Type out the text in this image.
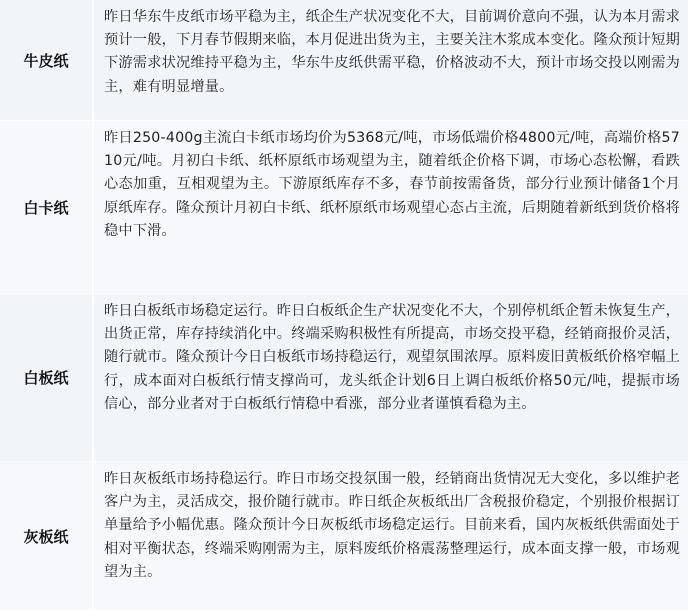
牛皮纸
昨日华东牛皮纸市场平稳为主，纸企生产状况变化不大，目前调价意向不强，认为本月需求预计一般，下月春节假期来临，本月促进出货为主，主要关注木浆成本变化。隆众预计短期下游需求状况维持平稳为主，华东牛皮纸供需平稳，价格波动不大，预计市场交投以刚需为主，难有明显增量。
白卡纸
昨日250-400g主流白卡纸市场均价为5368元/吨，市场低端价格4800元/吨，高端价格5710元/吨。月初白卡纸、纸杯原纸市场观望为主，随着纸企价格下调，市场心态松懈，看跌心态加重，互相观望为主。下游原纸库存不多，春节前按需备货，部分行业预计储备1个月原纸库存。隆众预计月初白卡纸、纸杯原纸市场观望心态占主流，后期随着新纸到货价格将稳中下滑。
白板纸
昨日白板纸市场稳定运行。昨日白板纸企生产状况变化不大，个别停机纸企暂未恢复生产，出货正常，库存持续消化中。终端采购积极性有所提高，市场交投平稳，经销商报价灵活，随行就市。隆众预计今日白板纸市场持稳运行，观望氛围浓厚。原料废旧黄板纸价格窄幅上行，成本面对白板纸行情支撑尚可，龙头纸企计划6日上调白板纸价格50元/吨，提振市场信心，部分业者对于白板纸行情稳中看涨，部分业者谨慎看稳为主。
灰板纸
昨日灰板纸市场持稳运行。昨日市场交投氛围一般，经销商出货情况无大变化，多以维护老客户为主，灵活成交，报价随行就市。昨日纸企灰板纸出厂含税报价稳定，个别报价根据订单量给予小幅优惠。隆众预计今日灰板纸市场稳定运行。目前来看，国内灰板纸供需面处于相对平衡状态，终端采购刚需为主，原料废纸价格震荡整理运行，成本面支撑一般，市场观望为主。
